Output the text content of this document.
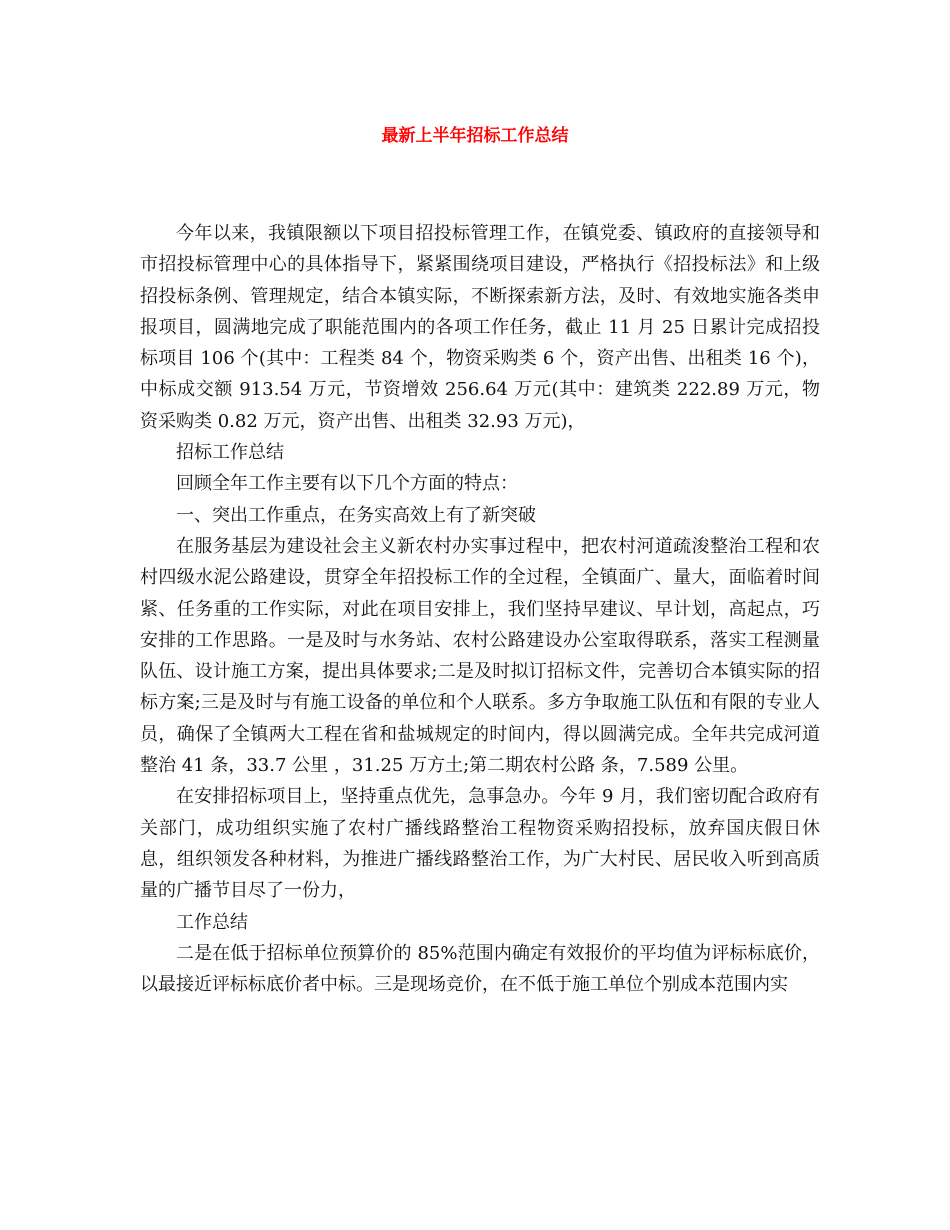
最新上半年招标工作总结

今年以来，我镇限额以下项目招投标管理工作，在镇党委、镇政府的直接领导和市招投标管理中心的具体指导下，紧紧围绕项目建设，严格执行《招投标法》和上级招投标条例、管理规定，结合本镇实际，不断探索新方法，及时、有效地实施各类申报项目，圆满地完成了职能范围内的各项工作任务，截止 11 月 25 日累计完成招投标项目 106 个(其中：工程类 84 个，物资采购类 6 个，资产出售、出租类 16 个)，中标成交额 913.54 万元，节资增效 256.64 万元(其中：建筑类 222.89 万元，物资采购类 0.82 万元，资产出售、出租类 32.93 万元)，

招标工作总结

回顾全年工作主要有以下几个方面的特点：

一、突出工作重点，在务实高效上有了新突破

在服务基层为建设社会主义新农村办实事过程中，把农村河道疏浚整治工程和农村四级水泥公路建设，贯穿全年招投标工作的全过程，全镇面广、量大，面临着时间紧、任务重的工作实际，对此在项目安排上，我们坚持早建议、早计划，高起点，巧安排的工作思路。一是及时与水务站、农村公路建设办公室取得联系，落实工程测量队伍、设计施工方案，提出具体要求;二是及时拟订招标文件，完善切合本镇实际的招标方案;三是及时与有施工设备的单位和个人联系。多方争取施工队伍和有限的专业人员，确保了全镇两大工程在省和盐城规定的时间内，得以圆满完成。全年共完成河道整治 41 条，33.7 公里 ，31.25 万方土;第二期农村公路 条，7.589 公里。

在安排招标项目上，坚持重点优先，急事急办。今年 9 月，我们密切配合政府有关部门，成功组织实施了农村广播线路整治工程物资采购招投标，放弃国庆假日休息，组织领发各种材料，为推进广播线路整治工作，为广大村民、居民收入听到高质量的广播节目尽了一份力，

工作总结

二是在低于招标单位预算价的 85%范围内确定有效报价的平均值为评标标底价，以最接近评标标底价者中标。三是现场竞价，在不低于施工单位个别成本范围内实
